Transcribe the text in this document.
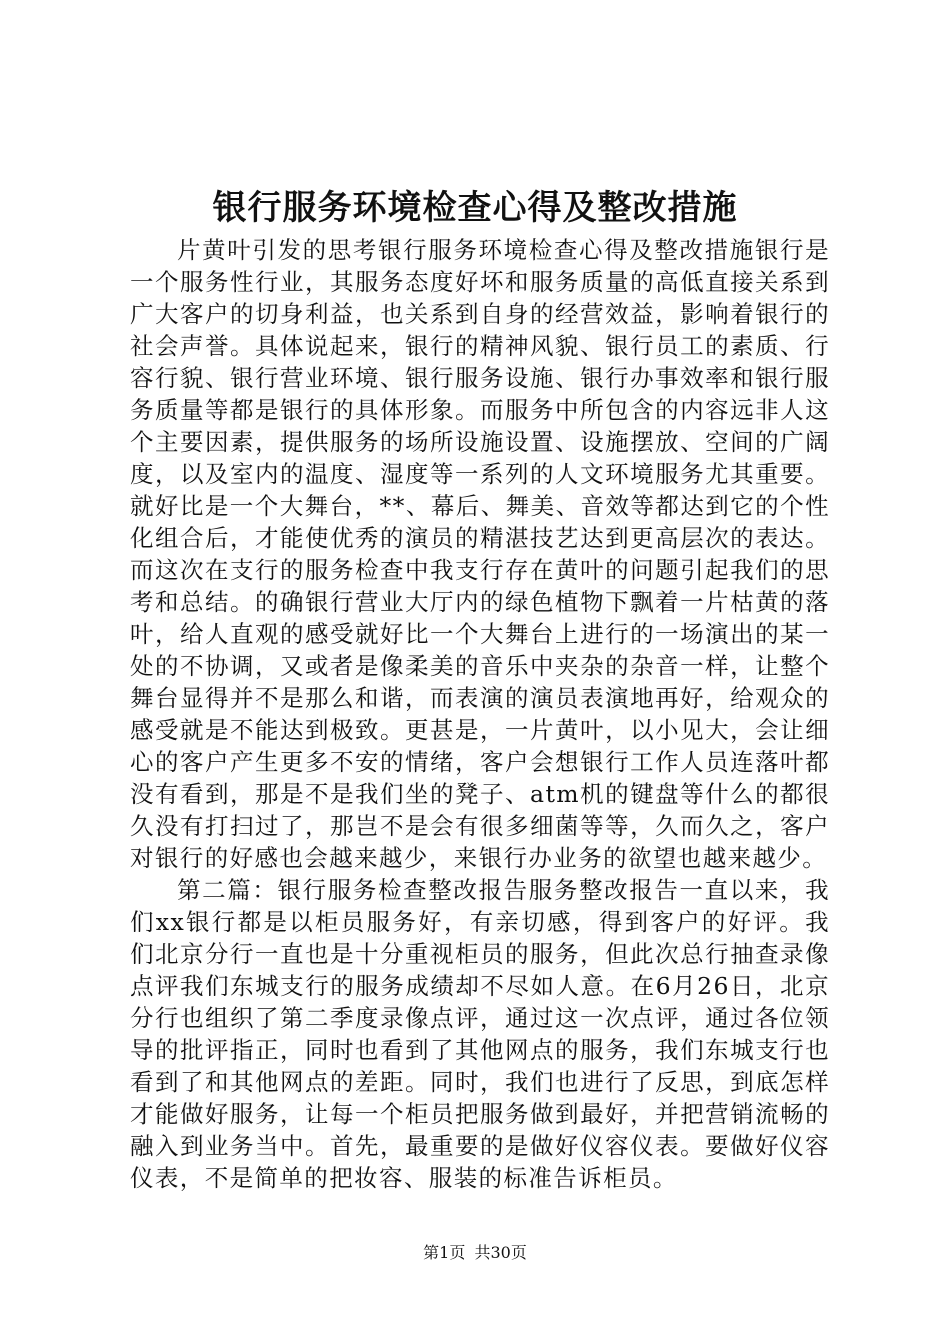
银行服务环境检查心得及整改措施

片黄叶引发的思考银行服务环境检查心得及整改措施银行是一个服务性行业，其服务态度好坏和服务质量的高低直接关系到广大客户的切身利益，也关系到自身的经营效益，影响着银行的社会声誉。具体说起来，银行的精神风貌、银行员工的素质、行容行貌、银行营业环境、银行服务设施、银行办事效率和银行服务质量等都是银行的具体形象。而服务中所包含的内容远非人这个主要因素，提供服务的场所设施设置、设施摆放、空间的广阔度，以及室内的温度、湿度等一系列的人文环境服务尤其重要。就好比是一个大舞台，**、幕后、舞美、音效等都达到它的个性化组合后，才能使优秀的演员的精湛技艺达到更高层次的表达。而这次在支行的服务检查中我支行存在黄叶的问题引起我们的思考和总结。的确银行营业大厅内的绿色植物下飘着一片枯黄的落叶，给人直观的感受就好比一个大舞台上进行的一场演出的某一处的不协调，又或者是像柔美的音乐中夹杂的杂音一样，让整个舞台显得并不是那么和谐，而表演的演员表演地再好，给观众的感受就是不能达到极致。更甚是，一片黄叶，以小见大，会让细心的客户产生更多不安的情绪，客户会想银行工作人员连落叶都没有看到，那是不是我们坐的凳子、atm机的键盘等什么的都很久没有打扫过了，那岂不是会有很多细菌等等，久而久之，客户对银行的好感也会越来越少，来银行办业务的欲望也越来越少。

第二篇：银行服务检查整改报告服务整改报告一直以来，我们xx银行都是以柜员服务好，有亲切感，得到客户的好评。我们北京分行一直也是十分重视柜员的服务，但此次总行抽查录像点评我们东城支行的服务成绩却不尽如人意。在6月26日，北京分行也组织了第二季度录像点评，通过这一次点评，通过各位领导的批评指正，同时也看到了其他网点的服务，我们东城支行也看到了和其他网点的差距。同时，我们也进行了反思，到底怎样才能做好服务，让每一个柜员把服务做到最好，并把营销流畅的融入到业务当中。首先，最重要的是做好仪容仪表。要做好仪容仪表，不是简单的把妆容、服装的标准告诉柜员。

第1页 共30页
